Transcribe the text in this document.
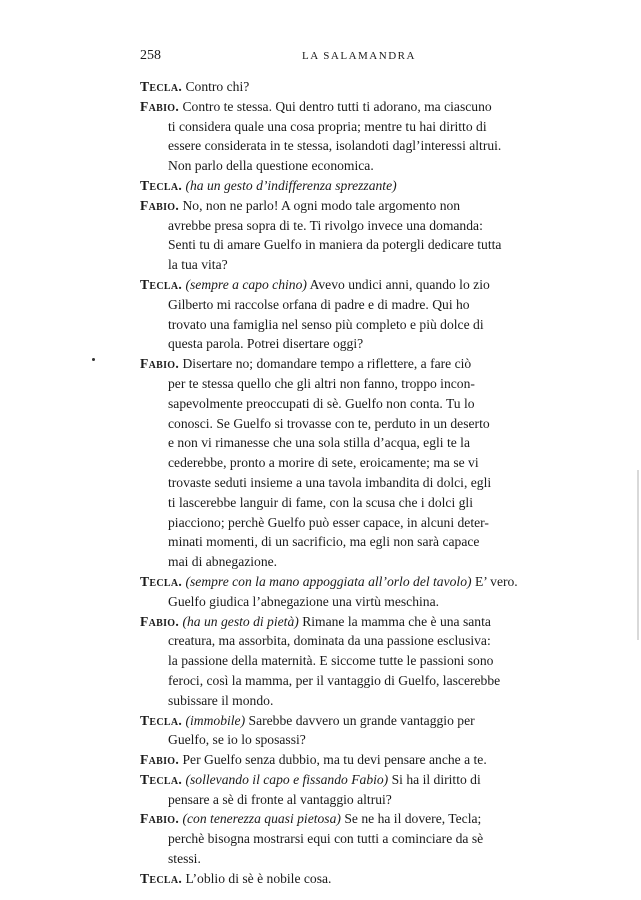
258	LA SALAMANDRA
Tecla. Contro chi?
Fabio. Contro te stessa. Qui dentro tutti ti adorano, ma ciascuno
ti considera quale una cosa propria; mentre tu hai diritto di
essere considerata in te stessa, isolandoti dagl’interessi altrui.
Non parlo della questione economica.
Tecla. (ha un gesto d’indifferenza sprezzante)
Fabio. No, non ne parlo! A ogni modo tale argomento non
avrebbe presa sopra di te. Ti rivolgo invece una domanda:
Senti tu di amare Guelfo in maniera da potergli dedicare tutta
la tua vita?
Tecla. (sempre a capo chino) Avevo undici anni, quando lo zio
Gilberto mi raccolse orfana di padre e di madre. Qui ho
trovato una famiglia nel senso più completo e più dolce di
questa parola. Potrei disertare oggi?
Fabio. Disertare no; domandare tempo a riflettere, a fare ciò
per te stessa quello che gli altri non fanno, troppo incon-
sapevolmente preoccupati di sè. Guelfo non conta. Tu lo
conosci. Se Guelfo si trovasse con te, perduto in un deserto
e non vi rimanesse che una sola stilla d’acqua, egli te la
cederebbe, pronto a morire di sete, eroicamente; ma se vi
trovaste seduti insieme a una tavola imbandita di dolci, egli
ti lascerebbe languir di fame, con la scusa che i dolci gli
piacciono; perchè Guelfo può esser capace, in alcuni deter-
minati momenti, di un sacrificio, ma egli non sarà capace
mai di abnegazione.
Tecla. (sempre con la mano appoggiata all’orlo del tavolo) E’ vero.
Guelfo giudica l’abnegazione una virtù meschina.
Fabio. (ha un gesto di pietà) Rimane la mamma che è una santa
creatura, ma assorbita, dominata da una passione esclusiva:
la passione della maternità. E siccome tutte le passioni sono
feroci, così la mamma, per il vantaggio di Guelfo, lascerebbe
subissare il mondo.
Tecla. (immobile) Sarebbe davvero un grande vantaggio per
Guelfo, se io lo sposassi?
Fabio. Per Guelfo senza dubbio, ma tu devi pensare anche a te.
Tecla. (sollevando il capo e fissando Fabio) Si ha il diritto di
pensare a sè di fronte al vantaggio altrui?
Fabio. (con tenerezza quasi pietosa) Se ne ha il dovere, Tecla;
perchè bisogna mostrarsi equi con tutti a cominciare da sè
stessi.
Tecla. L’oblio di sè è nobile cosa.
